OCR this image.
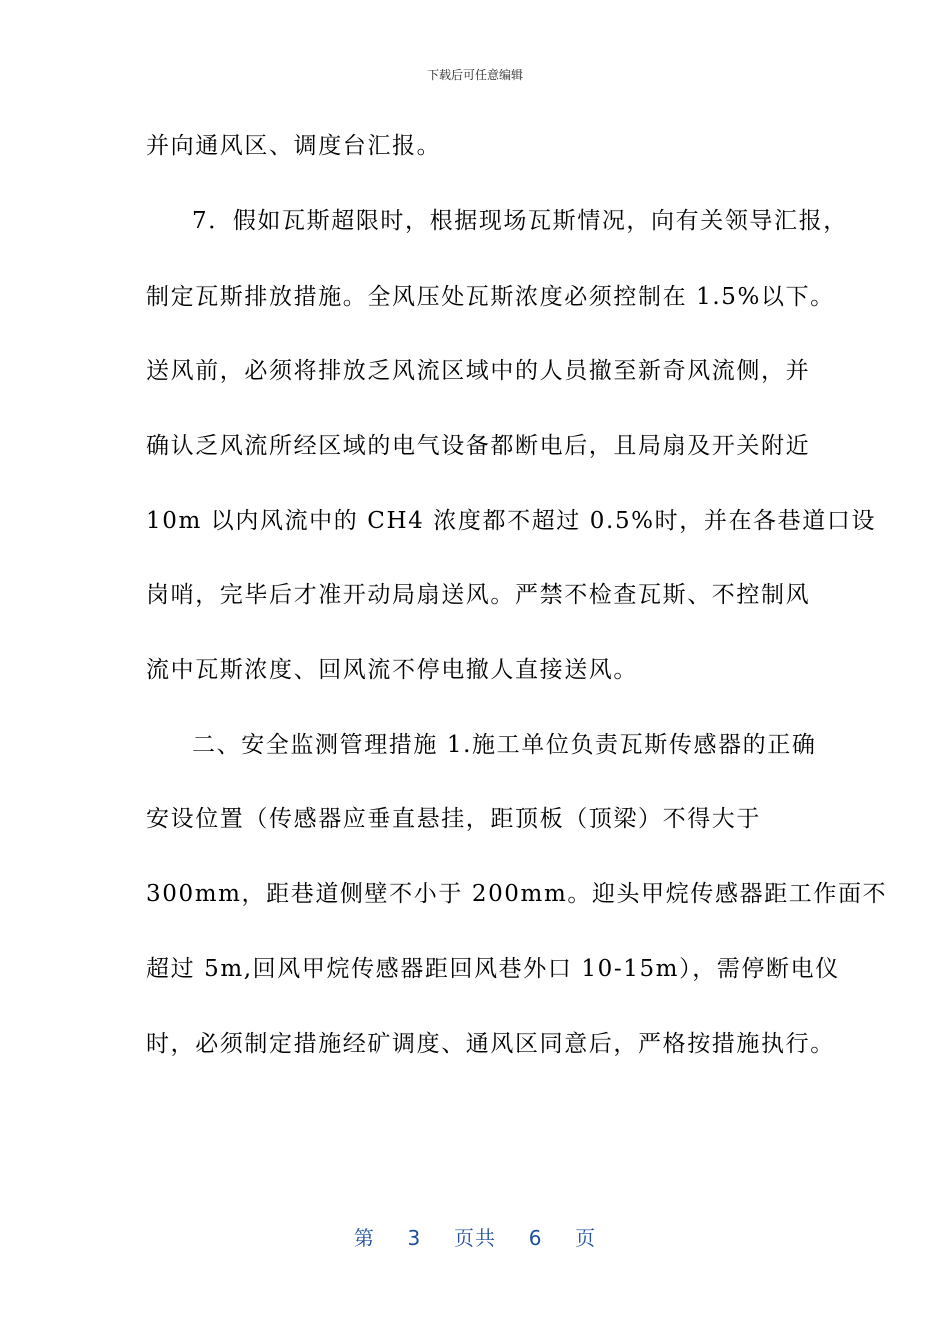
下载后可任意编辑
并向通风区、调度台汇报。
7．假如瓦斯超限时，根据现场瓦斯情况，向有关领导汇报，
制定瓦斯排放措施。全风压处瓦斯浓度必须控制在 1.5%以下。
送风前，必须将排放乏风流区域中的人员撤至新奇风流侧，并
确认乏风流所经区域的电气设备都断电后，且局扇及开关附近
10m 以内风流中的 CH4 浓度都不超过 0.5%时，并在各巷道口设
岗哨，完毕后才准开动局扇送风。严禁不检查瓦斯、不控制风
流中瓦斯浓度、回风流不停电撤人直接送风。
二、安全监测管理措施 1.施工单位负责瓦斯传感器的正确
安设位置（传感器应垂直悬挂，距顶板（顶梁）不得大于
300mm，距巷道侧壁不小于 200mm。迎头甲烷传感器距工作面不
超过 5m,回风甲烷传感器距回风巷外口 10-15m），需停断电仪
时，必须制定措施经矿调度、通风区同意后，严格按措施执行。
第 3 页共 6 页
